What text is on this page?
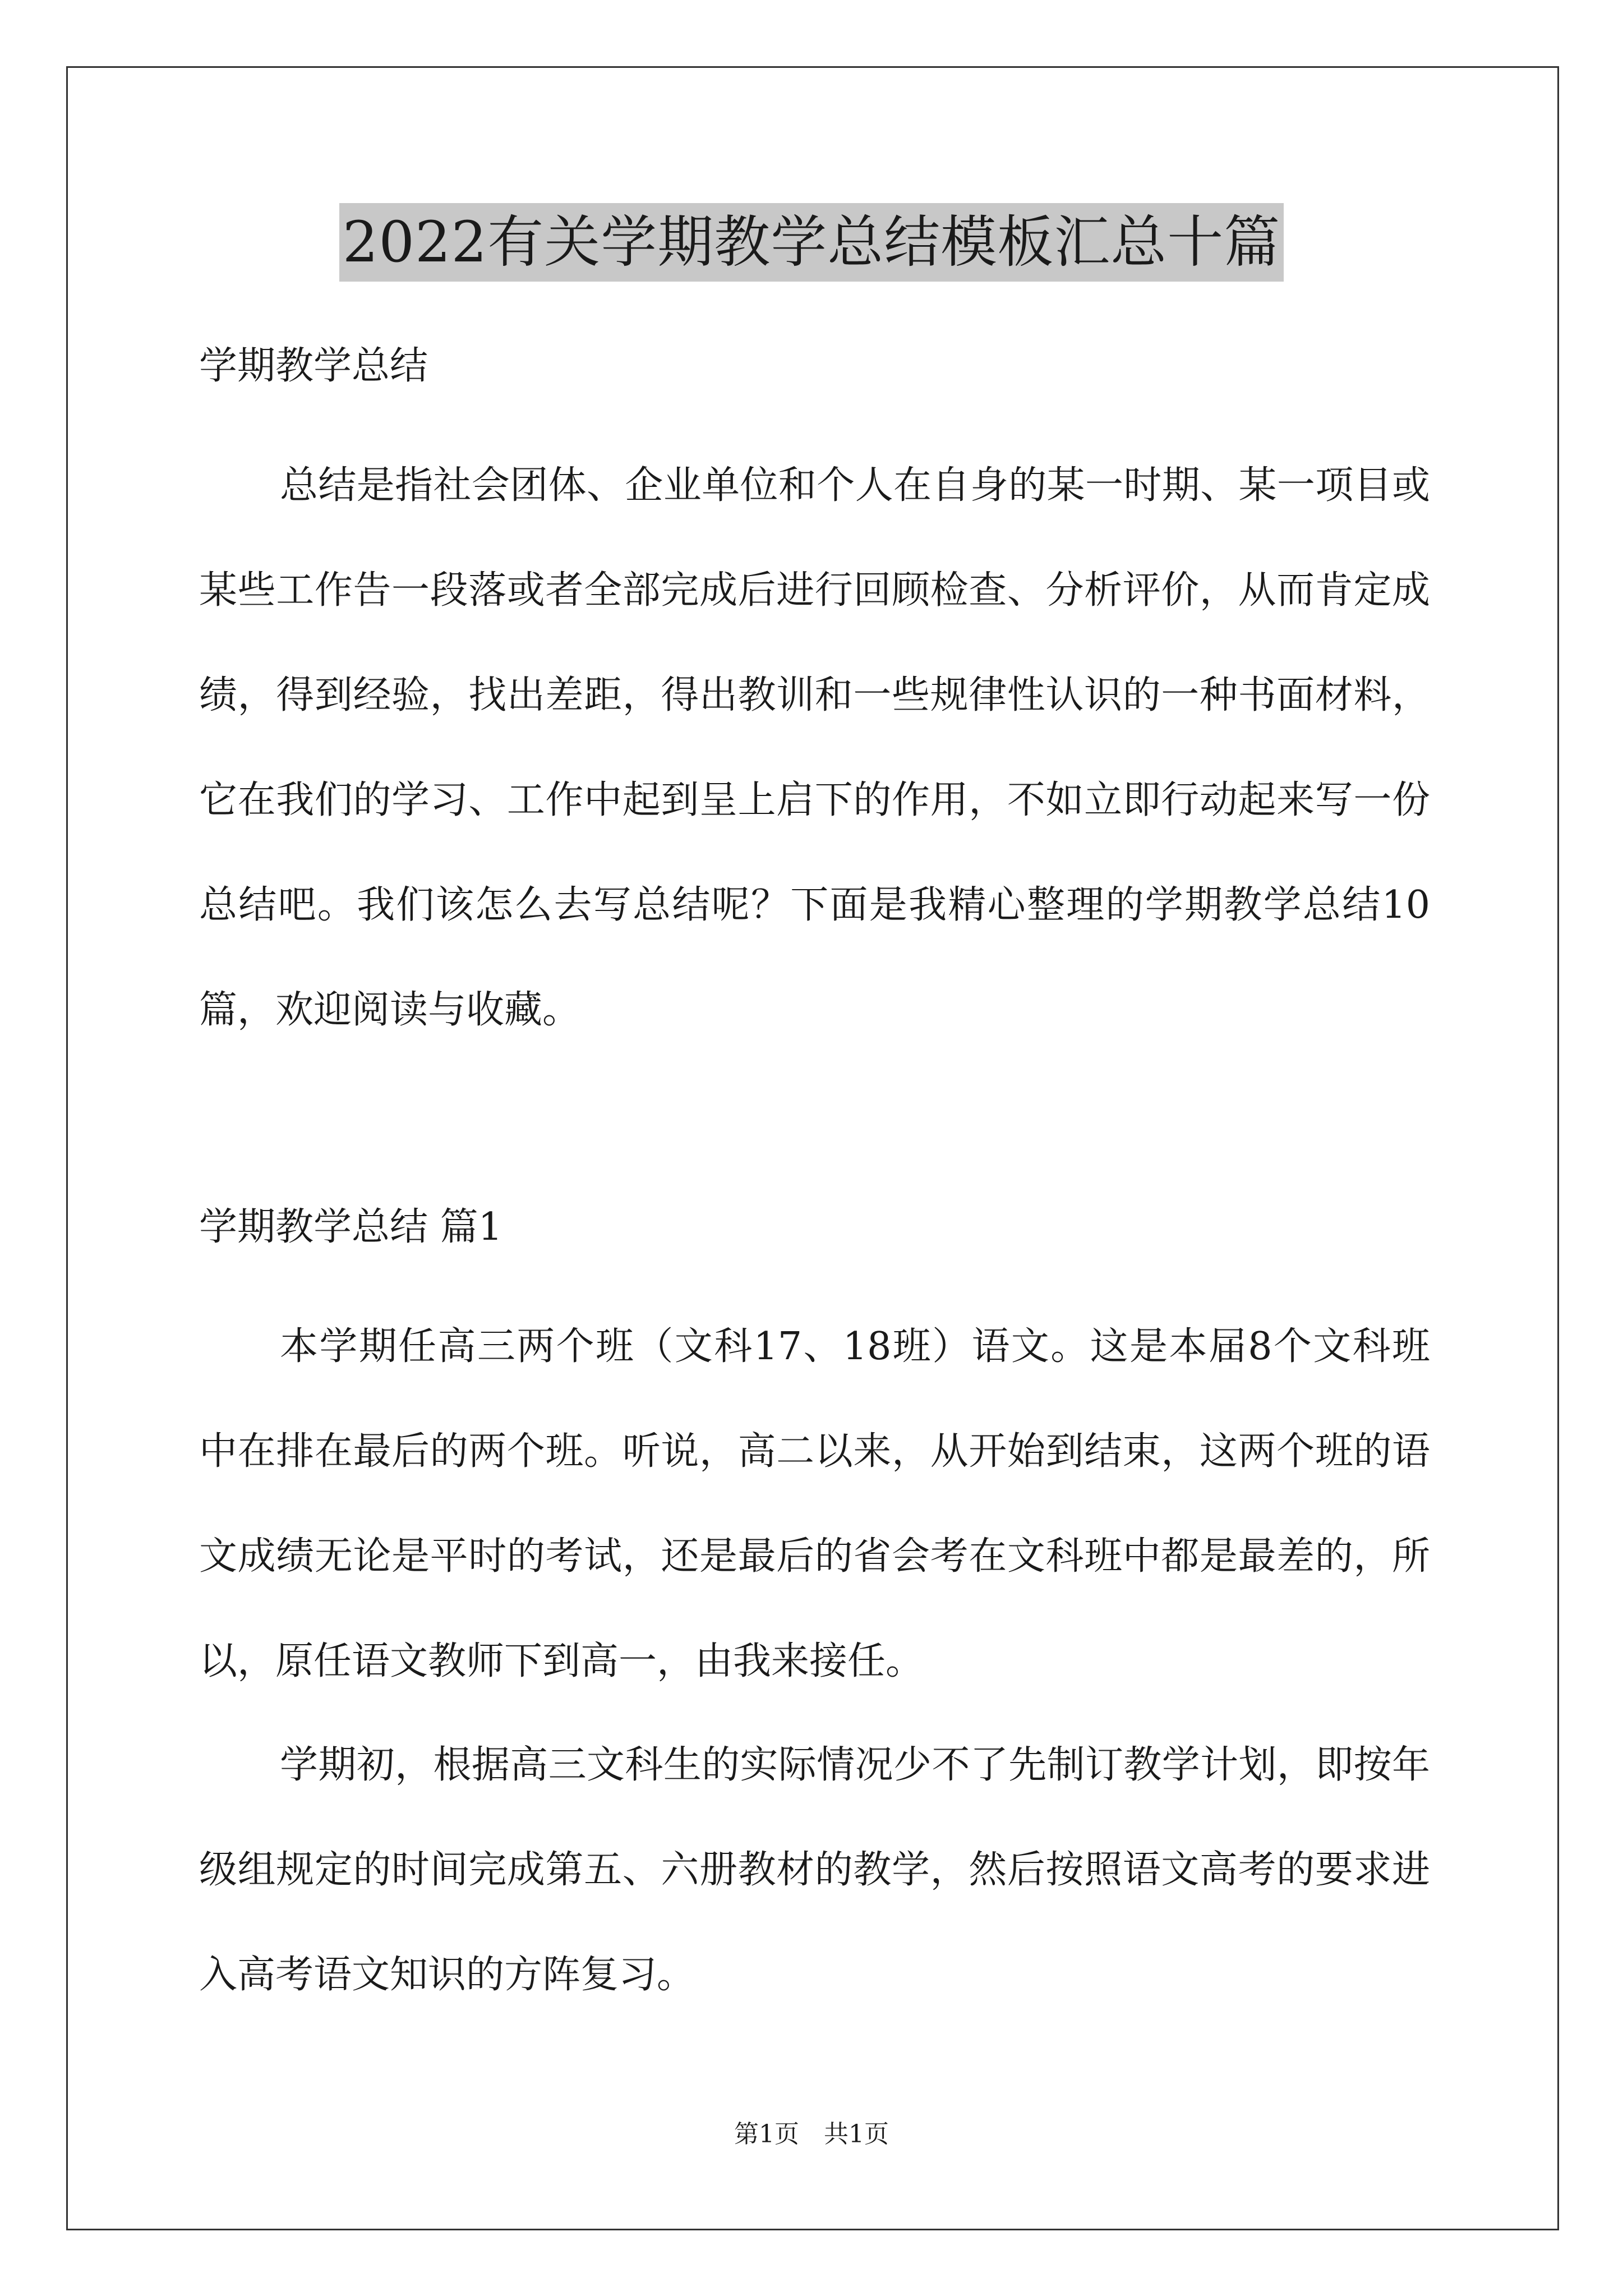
2022有关学期教学总结模板汇总十篇
学期教学总结

总结是指社会团体、企业单位和个人在自身的某一时期、某一项目或某些工作告一段落或者全部完成后进行回顾检查、分析评价，从而肯定成绩，得到经验，找出差距，得出教训和一些规律性认识的一种书面材料，它在我们的学习、工作中起到呈上启下的作用，不如立即行动起来写一份总结吧。我们该怎么去写总结呢？下面是我精心整理的学期教学总结10篇，欢迎阅读与收藏。

学期教学总结 篇1

本学期任高三两个班（文科17、18班）语文。这是本届8个文科班中在排在最后的两个班。听说，高二以来，从开始到结束，这两个班的语文成绩无论是平时的考试，还是最后的省会考在文科班中都是最差的，所以，原任语文教师下到高一，由我来接任。

学期初，根据高三文科生的实际情况少不了先制订教学计划，即按年级组规定的时间完成第五、六册教材的教学，然后按照语文高考的要求进入高考语文知识的方阵复习。

第1页 共1页
